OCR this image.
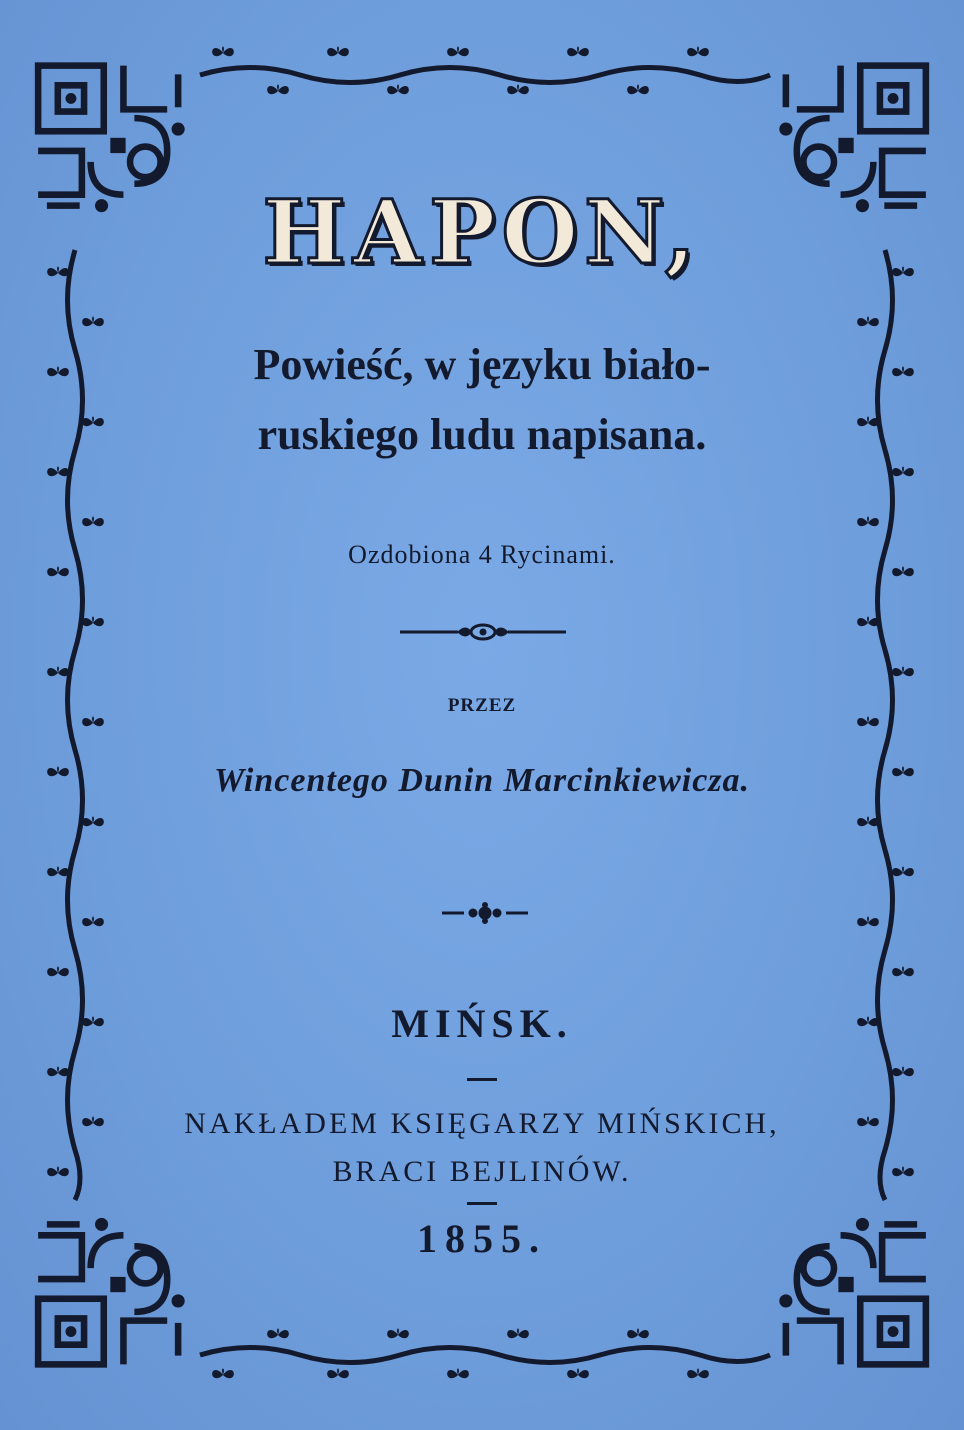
НАРОN,
Powieść, w języku biało-
ruskiego ludu napisana.
Ozdobiona 4 Rycinami.
PRZEZ
Wincentego Dunin Marcinkiewicza.
MIŃSK.
NAKŁADEM KSIĘGARZY MIŃSKICH,
BRACI BEJLINÓW.
1855.
